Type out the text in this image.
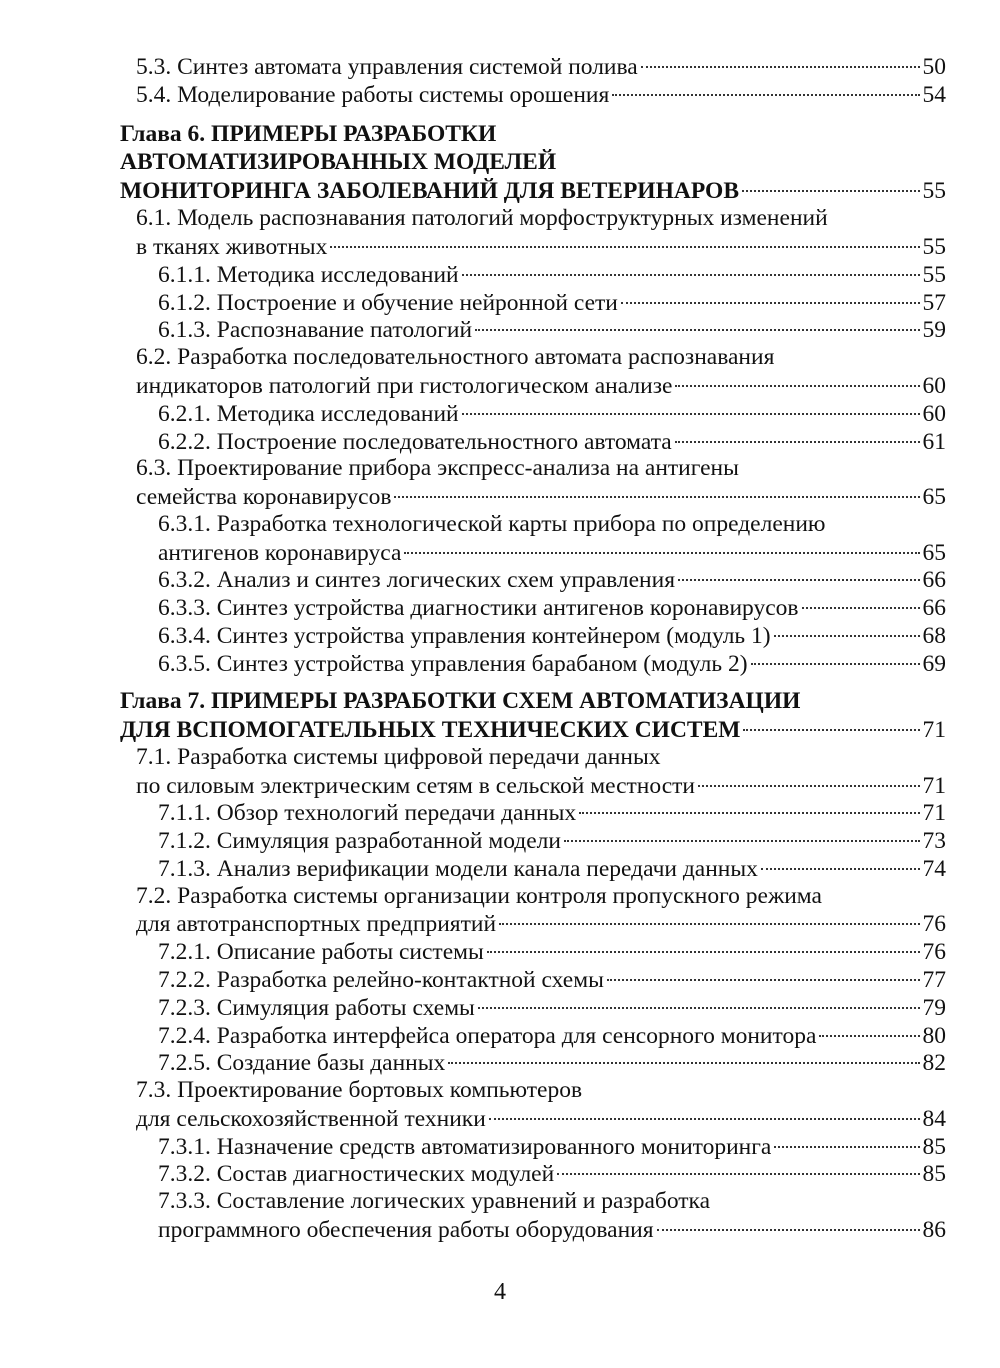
5.3. Синтез автомата управления системой полива	50
5.4. Моделирование работы системы орошения	54
Глава 6. ПРИМЕРЫ РАЗРАБОТКИ
АВТОМАТИЗИРОВАННЫХ МОДЕЛЕЙ
МОНИТОРИНГА ЗАБОЛЕВАНИЙ ДЛЯ ВЕТЕРИНАРОВ	55
6.1. Модель распознавания патологий морфоструктурных изменений
в тканях животных	55
6.1.1. Методика исследований	55
6.1.2. Построение и обучение нейронной сети	57
6.1.3. Распознавание патологий	59
6.2. Разработка последовательностного автомата распознавания
индикаторов патологий при гистологическом анализе	60
6.2.1. Методика исследований	60
6.2.2. Построение последовательностного автомата	61
6.3. Проектирование прибора экспресс-анализа на антигены
семейства коронавирусов	65
6.3.1. Разработка технологической карты прибора по определению
антигенов коронавируса	65
6.3.2. Анализ и синтез логических схем управления	66
6.3.3. Синтез устройства диагностики антигенов коронавирусов	66
6.3.4. Синтез устройства управления контейнером (модуль 1)	68
6.3.5. Синтез устройства управления барабаном (модуль 2)	69
Глава 7. ПРИМЕРЫ РАЗРАБОТКИ СХЕМ АВТОМАТИЗАЦИИ
ДЛЯ ВСПОМОГАТЕЛЬНЫХ ТЕХНИЧЕСКИХ СИСТЕМ	71
7.1. Разработка системы цифровой передачи данных
по силовым электрическим сетям в сельской местности	71
7.1.1. Обзор технологий передачи данных	71
7.1.2. Симуляция разработанной модели	73
7.1.3. Анализ верификации модели канала передачи данных	74
7.2. Разработка системы организации контроля пропускного режима
для автотранспортных предприятий	76
7.2.1. Описание работы системы	76
7.2.2. Разработка релейно-контактной схемы	77
7.2.3. Симуляция работы схемы	79
7.2.4. Разработка интерфейса оператора для сенсорного монитора	80
7.2.5. Создание базы данных	82
7.3. Проектирование бортовых компьютеров
для сельскохозяйственной техники	84
7.3.1. Назначение средств автоматизированного мониторинга	85
7.3.2. Состав диагностических модулей	85
7.3.3. Составление логических уравнений и разработка
программного обеспечения работы оборудования	86
4
